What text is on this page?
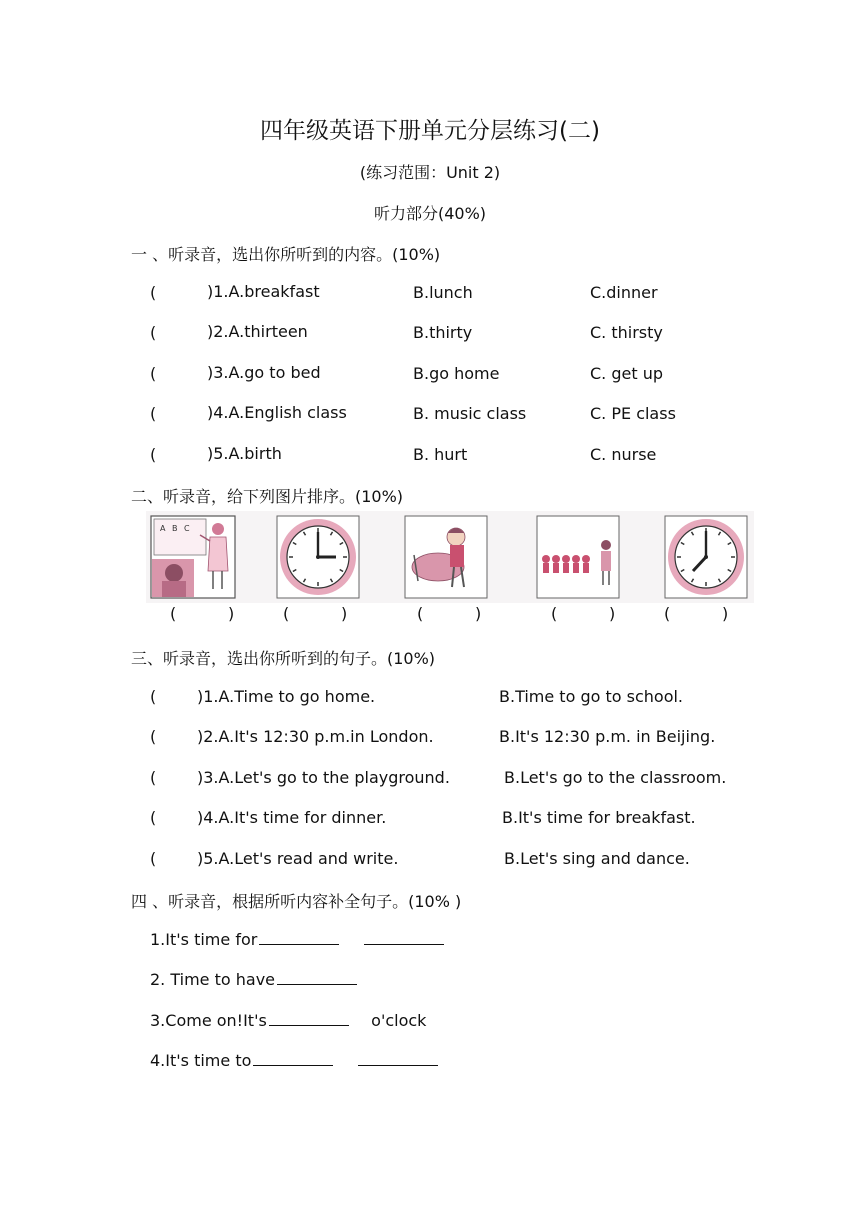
四年级英语下册单元分层练习(二)
(练习范围：Unit 2)
听力部分(40%)
一 、听录音，选出你所听到的内容。(10%)
(	)1.A.breakfast	B.lunch	C.dinner
(	)2.A.thirteen	B.thirty	C. thirsty
(	)3.A.go to bed	B.go home	C. get up
(	)4.A.English class	B. music class	C. PE class
(	)5.A.birth	B. hurt	C. nurse
二、听录音，给下列图片排序。(10%)
A B C
(	)	(	)	(	)	(	)	(	)
三、听录音，选出你所听到的句子。(10%)
(	)1.A.Time to go home.	B.Time to go to school.
(	)2.A.It's 12:30 p.m.in London.	B.It's 12:30 p.m. in Beijing.
(	)3.A.Let's go to the playground.	B.Let's go to the classroom.
(	)4.A.It's time for dinner.	B.It's time for breakfast.
(	)5.A.Let's read and write.	B.Let's sing and dance.
四 、听录音，根据所听内容补全句子。(10% )
1.It's time for
2. Time to have
3.Come on!It's	o'clock
4.It's time to
